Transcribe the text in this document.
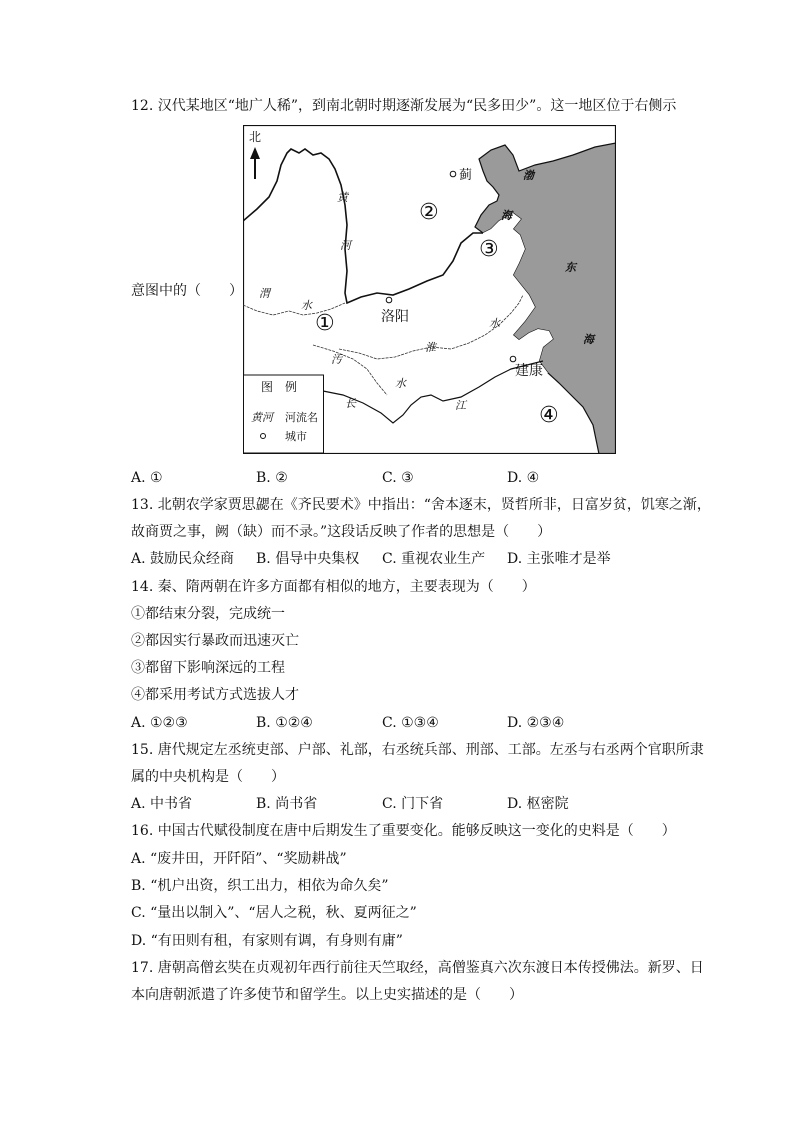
12. 汉代某地区“地广人稀”，到南北朝时期逐渐发展为“民多田少”。这一地区位于右侧示
意图中的（　　）
北
蓟
洛阳
建康
黄
河
渭
水
淮
水
汚
水
长	江
渤
海
东
海
①
②
③
④
图　例
黄河 河流名
城市
A. ①	B. ②	C. ③	D. ④
13. 北朝农学家贾思勰在《齐民要术》中指出：“舍本逐末，贤哲所非，日富岁贫，饥寒之渐，
故商贾之事，阙（缺）而不录。”这段话反映了作者的思想是（　　）
A. 鼓励民众经商 B. 倡导中央集权 C. 重视农业生产 D. 主张唯才是举
14. 秦、隋两朝在许多方面都有相似的地方，主要表现为（　　）
①都结束分裂，完成统一
②都因实行暴政而迅速灭亡
③都留下影响深远的工程
④都采用考试方式选拔人才
A. ①②③	B. ①②④	C. ①③④	D. ②③④
15. 唐代规定左丞统吏部、户部、礼部，右丞统兵部、刑部、工部。左丞与右丞两个官职所隶
属的中央机构是（　　）
A. 中书省	B. 尚书省	C. 门下省	D. 枢密院
16. 中国古代赋役制度在唐中后期发生了重要变化。能够反映这一变化的史料是（　　）
A. “废井田，开阡陌”、“奖励耕战”
B. “机户出资，织工出力，相依为命久矣”
C. “量出以制入”、“居人之税，秋、夏两征之”
D. “有田则有租，有家则有调，有身则有庸”
17. 唐朝高僧玄奘在贞观初年西行前往天竺取经，高僧鉴真六次东渡日本传授佛法。新罗、日
本向唐朝派遣了许多使节和留学生。以上史实描述的是（　　）
